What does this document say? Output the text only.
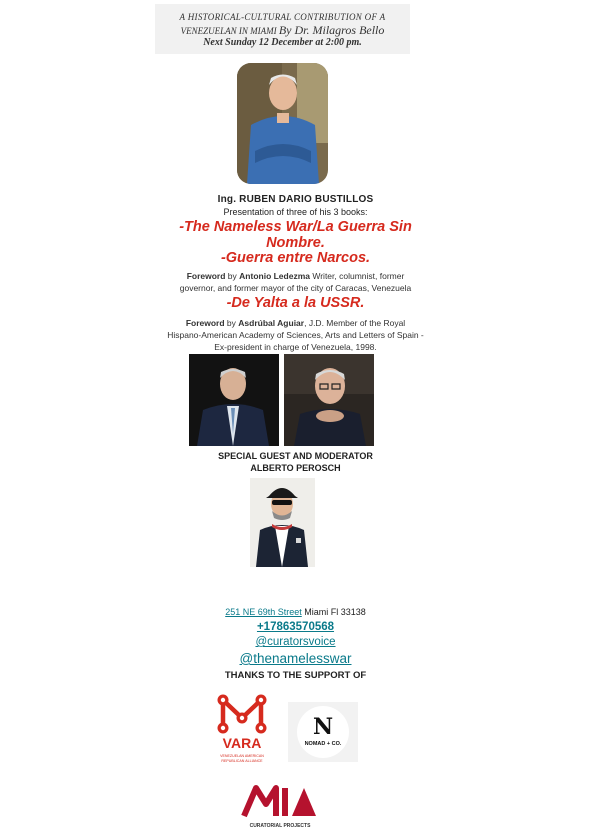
A HISTORICAL-CULTURAL CONTRIBUTION OF A
VENEZUELAN IN MIAMI By Dr. Milagros Bello
Next Sunday 12 December at 2:00 pm.
Ing. RUBEN DARIO BUSTILLOS
Presentation of three of his 3 books:
-The Nameless War/La Guerra Sin
Nombre.
-Guerra entre Narcos.
Foreword by Antonio Ledezma Writer, columnist, former
governor, and former mayor of the city of Caracas, Venezuela
-De Yalta a la USSR.
Foreword by Asdrúbal Aguiar, J.D. Member of the Royal
Hispano-American Academy of Sciences, Arts and Letters of Spain -
Ex-president in charge of Venezuela, 1998.
SPECIAL GUEST AND MODERATOR
ALBERTO PEROSCH
251 NE 69th Street Miami Fl 33138
+17863570568
@curatorsvoice
@thenamelesswar
THANKS TO THE SUPPORT OF
VARA
VENEZUELAN AMERICAN
REPUBLICAN ALLIANCE
N
NOMAD + CO.
CURATORIAL PROJECTS
